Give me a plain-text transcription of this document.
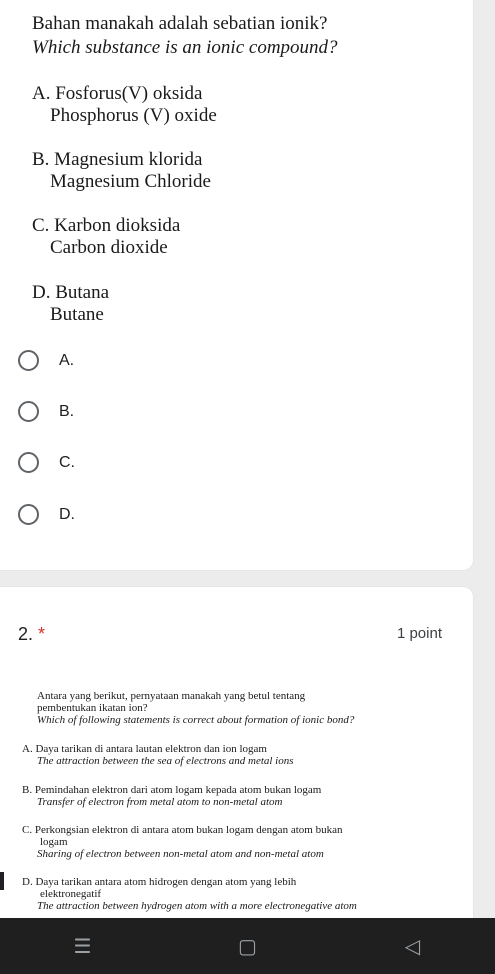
Bahan manakah adalah sebatian ionik?
Which substance is an ionic compound?
A. Fosforus(V) oksida
Phosphorus (V) oxide
B. Magnesium klorida
Magnesium Chloride
C. Karbon dioksida
Carbon dioxide
D. Butana
Butane
A.
B.
C.
D.
2. *	1 point
Antara yang berikut, pernyataan manakah yang betul tentang
pembentukan ikatan ion?
Which of following statements is correct about formation of ionic bond?
A. Daya tarikan di antara lautan elektron dan ion logam
The attraction between the sea of electrons and metal ions
B. Pemindahan elektron dari atom logam kepada atom bukan logam
Transfer of electron from metal atom to non-metal atom
C. Perkongsian elektron di antara atom bukan logam dengan atom bukan
logam
Sharing of electron between non-metal atom and non-metal atom
D. Daya tarikan antara atom hidrogen dengan atom yang lebih
elektronegatif
The attraction between hydrogen atom with a more electronegative atom
☰	▢	◁
